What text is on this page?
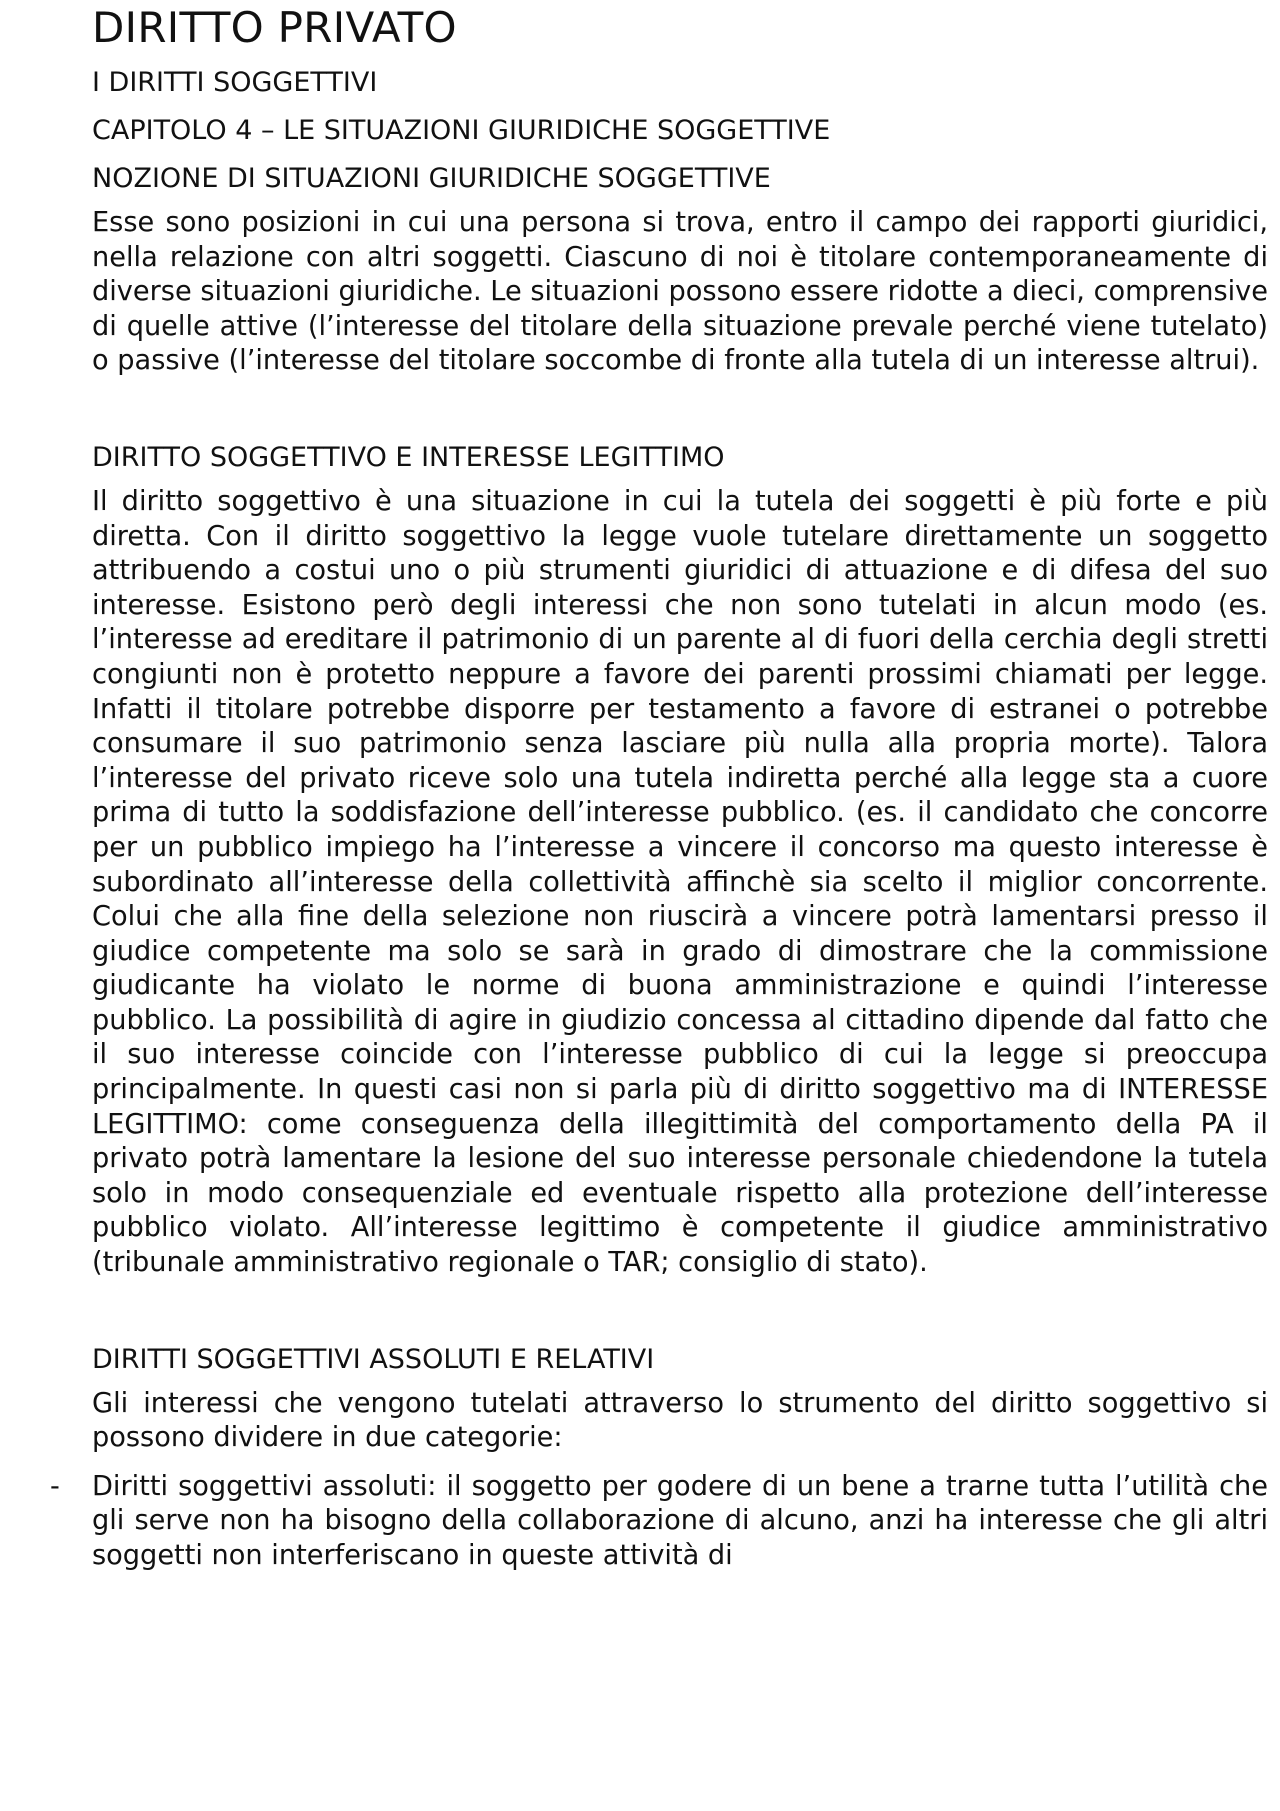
DIRITTO PRIVATO
I DIRITTI SOGGETTIVI
CAPITOLO 4 – LE SITUAZIONI GIURIDICHE SOGGETTIVE
NOZIONE DI SITUAZIONI GIURIDICHE SOGGETTIVE

Esse sono posizioni in cui una persona si trova, entro il campo dei rapporti giuridici, nella relazione con altri soggetti. Ciascuno di noi è titolare contemporaneamente di diverse situazioni giuridiche. Le situazioni possono essere ridotte a dieci, comprensive di quelle attive (l’interesse del titolare della situazione prevale perché viene tutelato) o passive (l’interesse del titolare soccombe di fronte alla tutela di un interesse altrui).

DIRITTO SOGGETTIVO E INTERESSE LEGITTIMO

Il diritto soggettivo è una situazione in cui la tutela dei soggetti è più forte e più diretta. Con il diritto soggettivo la legge vuole tutelare direttamente un soggetto attribuendo a costui uno o più strumenti giuridici di attuazione e di difesa del suo interesse. Esistono però degli interessi che non sono tutelati in alcun modo (es. l’interesse ad ereditare il patrimonio di un parente al di fuori della cerchia degli stretti congiunti non è protetto neppure a favore dei parenti prossimi chiamati per legge. Infatti il titolare potrebbe disporre per testamento a favore di estranei o potrebbe consumare il suo patrimonio senza lasciare più nulla alla propria morte). Talora l’interesse del privato riceve solo una tutela indiretta perché alla legge sta a cuore prima di tutto la soddisfazione dell’interesse pubblico. (es. il candidato che concorre per un pubblico impiego ha l’interesse a vincere il concorso ma questo interesse è subordinato all’interesse della collettività affinchè sia scelto il miglior concorrente. Colui che alla fine della selezione non riuscirà a vincere potrà lamentarsi presso il giudice competente ma solo se sarà in grado di dimostrare che la commissione giudicante ha violato le norme di buona amministrazione e quindi l’interesse pubblico. La possibilità di agire in giudizio concessa al cittadino dipende dal fatto che il suo interesse coincide con l’interesse pubblico di cui la legge si preoccupa principalmente. In questi casi non si parla più di diritto soggettivo ma di INTERESSE LEGITTIMO: come conseguenza della illegittimità del comportamento della PA il privato potrà lamentare la lesione del suo interesse personale chiedendone la tutela solo in modo consequenziale ed eventuale rispetto alla protezione dell’interesse pubblico violato. All’interesse legittimo è competente il giudice amministrativo (tribunale amministrativo regionale o TAR; consiglio di stato).

DIRITTI SOGGETTIVI ASSOLUTI E RELATIVI

Gli interessi che vengono tutelati attraverso lo strumento del diritto soggettivo si possono dividere in due categorie:

- Diritti soggettivi assoluti: il soggetto per godere di un bene a trarne tutta l’utilità che gli serve non ha bisogno della collaborazione di alcuno, anzi ha interesse che gli altri soggetti non interferiscano in queste attività di
